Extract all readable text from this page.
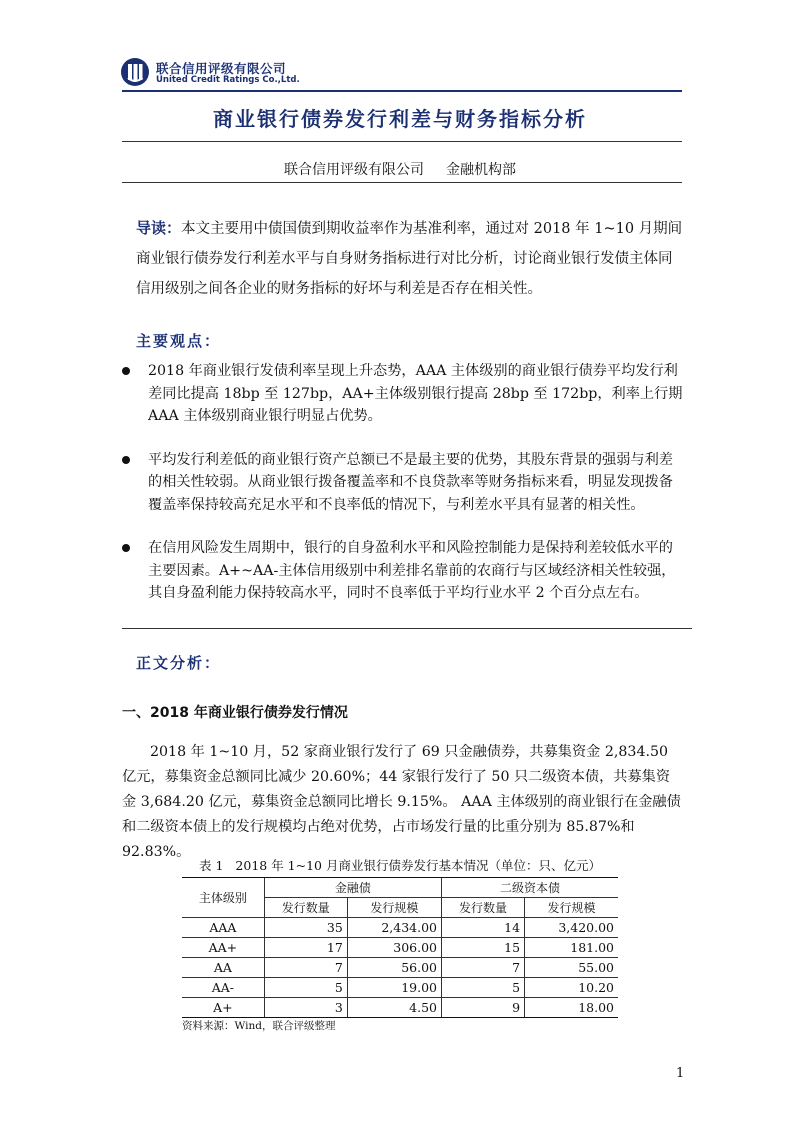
联合信用评级有限公司
United Credit Ratings Co.,Ltd.
商业银行债券发行利差与财务指标分析
联合信用评级有限公司 金融机构部
导读：本文主要用中债国债到期收益率作为基准利率，通过对 2018 年 1~10 月期间商业银行债券发行利差水平与自身财务指标进行对比分析，讨论商业银行发债主体同信用级别之间各企业的财务指标的好坏与利差是否存在相关性。
主要观点：
2018 年商业银行发债利率呈现上升态势，AAA 主体级别的商业银行债券平均发行利差同比提高 18bp 至 127bp，AA+主体级别银行提高 28bp 至 172bp，利率上行期 AAA 主体级别商业银行明显占优势。
平均发行利差低的商业银行资产总额已不是最主要的优势，其股东背景的强弱与利差的相关性较弱。从商业银行拨备覆盖率和不良贷款率等财务指标来看，明显发现拨备覆盖率保持较高充足水平和不良率低的情况下，与利差水平具有显著的相关性。
在信用风险发生周期中，银行的自身盈利水平和风险控制能力是保持利差较低水平的主要因素。A+~AA-主体信用级别中利差排名靠前的农商行与区域经济相关性较强，其自身盈利能力保持较高水平，同时不良率低于平均行业水平 2 个百分点左右。
正文分析：
一、2018 年商业银行债券发行情况
2018 年 1~10 月，52 家商业银行发行了 69 只金融债券，共募集资金 2,834.50 亿元，募集资金总额同比减少 20.60%；44 家银行发行了 50 只二级资本债，共募集资金 3,684.20 亿元，募集资金总额同比增长 9.15%。 AAA 主体级别的商业银行在金融债和二级资本债上的发行规模均占绝对优势，占市场发行量的比重分别为 85.87%和 92.83%。
表 1 2018 年 1~10 月商业银行债券发行基本情况（单位：只、亿元）
主体级别	金融债		二级资本债	
	发行数量	发行规模	发行数量	发行规模
AAA	35	2,434.00	14	3,420.00
AA+	17	306.00	15	181.00
AA	7	56.00	7	55.00
AA-	5	19.00	5	10.20
A+	3	4.50	9	18.00
资料来源：Wind，联合评级整理
1
